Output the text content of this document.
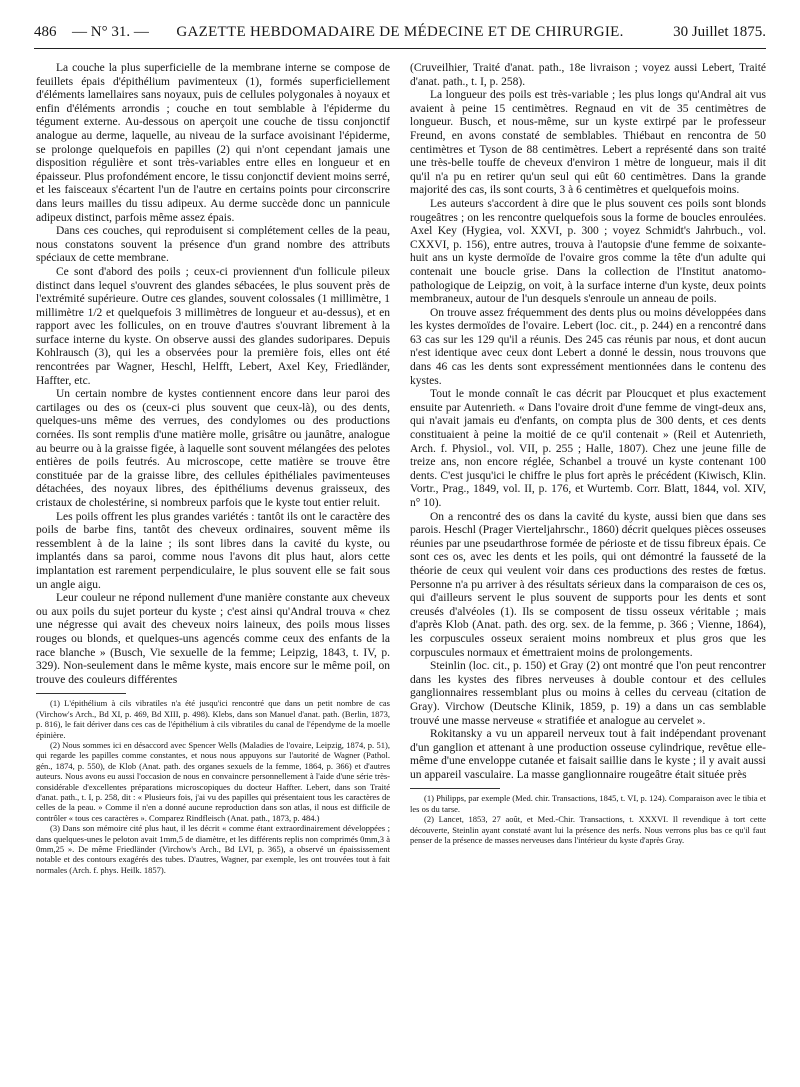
486 — N° 31. —	GAZETTE HEBDOMADAIRE DE MÉDECINE ET DE CHIRURGIE.	30 Juillet 1875.

La couche la plus superficielle de la membrane interne se compose de feuillets épais d'épithélium pavimenteux (1), formés superficiellement d'éléments lamellaires sans noyaux, puis de cellules polygonales à noyaux et enfin d'éléments arrondis ; couche en tout semblable à l'épiderme du tégument externe. Au-dessous on aperçoit une couche de tissu conjonctif analogue au derme, laquelle, au niveau de la surface avoisinant l'épiderme, se prolonge quelquefois en papilles (2) qui n'ont cependant jamais une disposition régulière et sont très-variables entre elles en longueur et en épaisseur. Plus profondément encore, le tissu conjonctif devient moins serré, et les faisceaux s'écartent l'un de l'autre en certains points pour circonscrire dans leurs mailles du tissu adipeux. Au derme succède donc un pannicule adipeux distinct, parfois même assez épais.

Dans ces couches, qui reproduisent si complétement celles de la peau, nous constatons souvent la présence d'un grand nombre des attributs spéciaux de cette membrane.

Ce sont d'abord des poils ; ceux-ci proviennent d'un follicule pileux distinct dans lequel s'ouvrent des glandes sébacées, le plus souvent près de l'extrémité supérieure. Outre ces glandes, souvent colossales (1 millimètre, 1 millimètre 1/2 et quelquefois 3 millimètres de longueur et au-dessus), et en rapport avec les follicules, on en trouve d'autres s'ouvrant librement à la surface interne du kyste. On observe aussi des glandes sudoripares. Depuis Kohlrausch (3), qui les a observées pour la première fois, elles ont été rencontrées par Wagner, Heschl, Helfft, Lebert, Axel Key, Friedländer, Haffter, etc.

Un certain nombre de kystes contiennent encore dans leur paroi des cartilages ou des os (ceux-ci plus souvent que ceux-là), ou des dents, quelques-uns même des verrues, des condylomes ou des productions cornées. Ils sont remplis d'une matière molle, grisâtre ou jaunâtre, analogue au beurre ou à la graisse figée, à laquelle sont souvent mélangées des pelotes entières de poils feutrés. Au microscope, cette matière se trouve être constituée par de la graisse libre, des cellules épithéliales pavimenteuses détachées, des noyaux libres, des épithéliums devenus graisseux, des cristaux de cholestérine, si nombreux parfois que le kyste tout entier reluit.

Les poils offrent les plus grandes variétés : tantôt ils ont le caractère des poils de barbe fins, tantôt des cheveux ordinaires, souvent même ils ressemblent à de la laine ; ils sont libres dans la cavité du kyste, ou implantés dans sa paroi, comme nous l'avons dit plus haut, alors cette implantation est rarement perpendiculaire, le plus souvent elle se fait sous un angle aigu.

Leur couleur ne répond nullement d'une manière constante aux cheveux ou aux poils du sujet porteur du kyste ; c'est ainsi qu'Andral trouva « chez une négresse qui avait des cheveux noirs laineux, des poils mous lisses rouges ou blonds, et quelques-uns agencés comme ceux des enfants de la race blanche » (Busch, Vie sexuelle de la femme; Leipzig, 1843, t. IV, p. 329). Non-seulement dans le même kyste, mais encore sur le même poil, on trouve des couleurs différentes

(1) L'épithélium à cils vibratiles n'a été jusqu'ici rencontré que dans un petit nombre de cas (Virchow's Arch., Bd XI, p. 469, Bd XIII, p. 498). Klebs, dans son Manuel d'anat. path. (Berlin, 1873, p. 816), le fait dériver dans ces cas de l'épithélium à cils vibratiles du canal de l'épendyme de la moelle épinière.

(2) Nous sommes ici en désaccord avec Spencer Wells (Maladies de l'ovaire, Leipzig, 1874, p. 51), qui regarde les papilles comme constantes, et nous nous appuyons sur l'autorité de Wagner (Pathol. gén., 1874, p. 550), de Klob (Anat. path. des organes sexuels de la femme, 1864, p. 366) et d'autres auteurs. Nous avons eu aussi l'occasion de nous en convaincre personnellement à l'aide d'une série très-considérable d'excellentes préparations microscopiques du docteur Haffter. Lebert, dans son Traité d'anat. path., t. I, p. 258, dit : « Plusieurs fois, j'ai vu des papilles qui présentaient tous les caractères de celles de la peau. » Comme il n'en a donné aucune reproduction dans son atlas, il nous est difficile de contrôler « tous ces caractères ». Comparez Rindfleisch (Anat. path., 1873, p. 484.)

(3) Dans son mémoire cité plus haut, il les décrit « comme étant extraordinairement développées ; dans quelques-unes le peloton avait 1mm,5 de diamètre, et les différents replis non comprimés 0mm,3 à 0mm,25 ». De même Friedländer (Virchow's Arch., Bd LVI, p. 365), a observé un épaississement notable et des contours exagérés des tubes. D'autres, Wagner, par exemple, les ont trouvées tout à fait normales (Arch. f. phys. Heilk. 1857).

(Cruveilhier, Traité d'anat. path., 18e livraison ; voyez aussi Lebert, Traité d'anat. path., t. I, p. 258).

La longueur des poils est très-variable ; les plus longs qu'Andral ait vus avaient à peine 15 centimètres. Regnaud en vit de 35 centimètres de longueur. Busch, et nous-même, sur un kyste extirpé par le professeur Freund, en avons constaté de semblables. Thiébaut en rencontra de 50 centimètres et Tyson de 88 centimètres. Lebert a représenté dans son traité une très-belle touffe de cheveux d'environ 1 mètre de longueur, mais il dit qu'il n'a pu en retirer qu'un seul qui eût 60 centimètres. Dans la grande majorité des cas, ils sont courts, 3 à 6 centimètres et quelquefois moins.

Les auteurs s'accordent à dire que le plus souvent ces poils sont blonds rougeâtres ; on les rencontre quelquefois sous la forme de boucles enroulées. Axel Key (Hygiea, vol. XXVI, p. 300 ; voyez Schmidt's Jahrbuch., vol. CXXVI, p. 156), entre autres, trouva à l'autopsie d'une femme de soixante-huit ans un kyste dermoïde de l'ovaire gros comme la tête d'un adulte qui contenait une boucle grise. Dans la collection de l'Institut anatomo-pathologique de Leipzig, on voit, à la surface interne d'un kyste, deux points membraneux, autour de l'un desquels s'enroule un anneau de poils.

On trouve assez fréquemment des dents plus ou moins développées dans les kystes dermoïdes de l'ovaire. Lebert (loc. cit., p. 244) en a rencontré dans 63 cas sur les 129 qu'il a réunis. Des 245 cas réunis par nous, et dont aucun n'est identique avec ceux dont Lebert a donné le dessin, nous trouvons que dans 46 cas les dents sont expressément mentionnées dans le contenu des kystes.

Tout le monde connaît le cas décrit par Ploucquet et plus exactement ensuite par Autenrieth. « Dans l'ovaire droit d'une femme de vingt-deux ans, qui n'avait jamais eu d'enfants, on compta plus de 300 dents, et ces dents constituaient à peine la moitié de ce qu'il contenait » (Reil et Autenrieth, Arch. f. Physiol., vol. VII, p. 255 ; Halle, 1807). Chez une jeune fille de treize ans, non encore réglée, Schanbel a trouvé un kyste contenant 100 dents. C'est jusqu'ici le chiffre le plus fort après le précédent (Kiwisch, Klin. Vortr., Prag., 1849, vol. II, p. 176, et Wurtemb. Corr. Blatt, 1844, vol. XIV, n° 10).

On a rencontré des os dans la cavité du kyste, aussi bien que dans ses parois. Heschl (Prager Vierteljahrschr., 1860) décrit quelques pièces osseuses réunies par une pseudarthrose formée de périoste et de tissu fibreux épais. Ce sont ces os, avec les dents et les poils, qui ont démontré la fausseté de la théorie de ceux qui veulent voir dans ces productions des restes de fœtus. Personne n'a pu arriver à des résultats sérieux dans la comparaison de ces os, qui d'ailleurs servent le plus souvent de supports pour les dents et sont creusés d'alvéoles (1). Ils se composent de tissu osseux véritable ; mais d'après Klob (Anat. path. des org. sex. de la femme, p. 366 ; Vienne, 1864), les corpuscules osseux seraient moins nombreux et plus gros que les corpuscules normaux et émettraient moins de prolongements.

Steinlin (loc. cit., p. 150) et Gray (2) ont montré que l'on peut rencontrer dans les kystes des fibres nerveuses à double contour et des cellules ganglionnaires ressemblant plus ou moins à celles du cerveau (citation de Gray). Virchow (Deutsche Klinik, 1859, p. 19) a dans un cas semblable trouvé une masse nerveuse « stratifiée et analogue au cervelet ».

Rokitansky a vu un appareil nerveux tout à fait indépendant provenant d'un ganglion et attenant à une production osseuse cylindrique, revêtue elle-même d'une enveloppe cutanée et faisait saillie dans le kyste ; il y avait aussi un appareil vasculaire. La masse ganglionnaire rougeâtre était située près

(1) Philipps, par exemple (Med. chir. Transactions, 1845, t. VI, p. 124). Comparaison avec le tibia et les os du tarse.

(2) Lancet, 1853, 27 août, et Med.-Chir. Transactions, t. XXXVI. Il revendique à tort cette découverte, Steinlin ayant constaté avant lui la présence des nerfs. Nous verrons plus bas ce qu'il faut penser de la présence de masses nerveuses dans l'intérieur du kyste d'après Gray.
